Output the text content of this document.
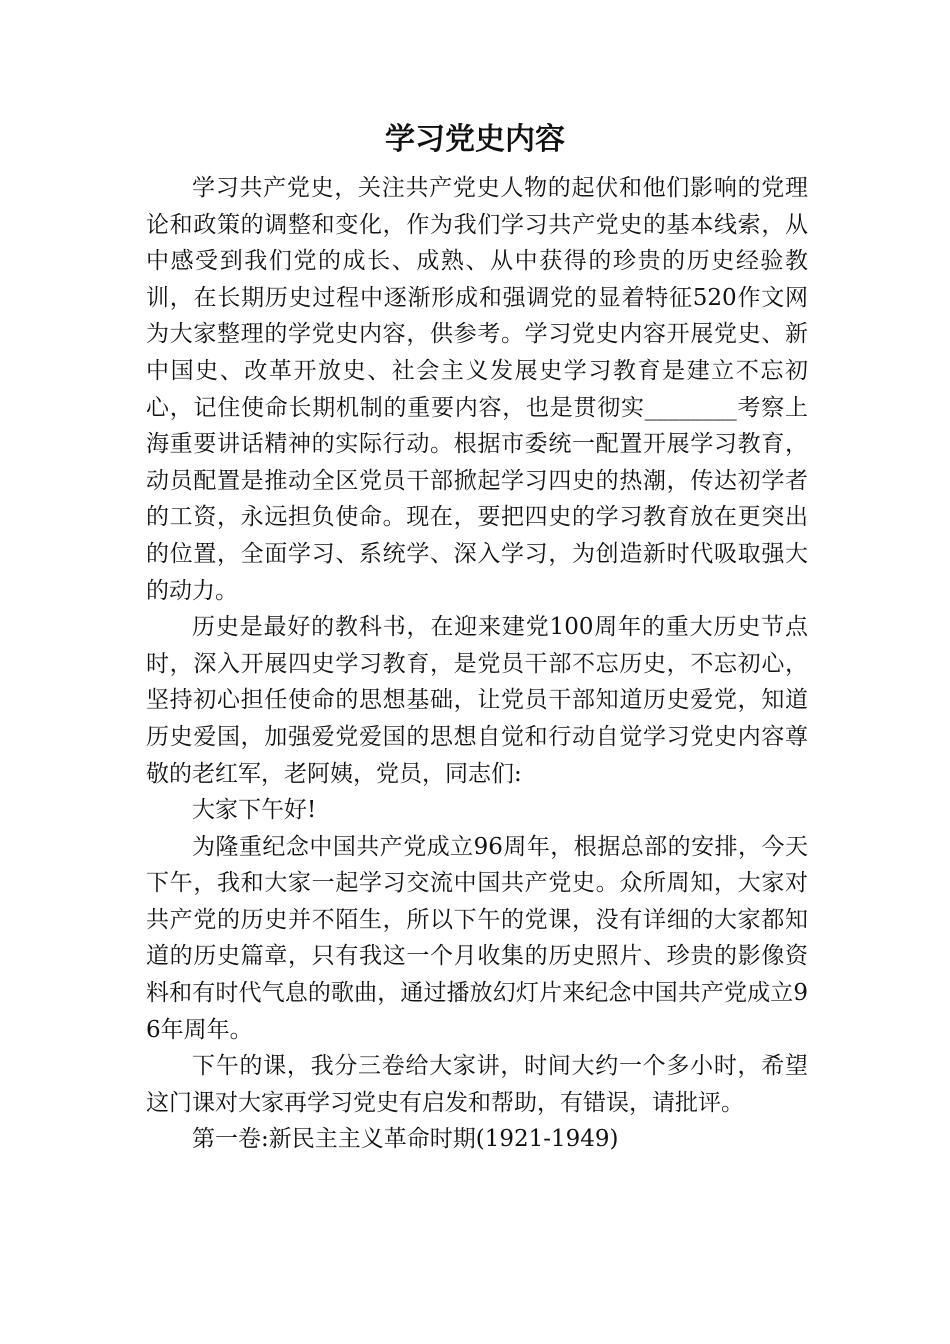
学习党史内容

学习共产党史，关注共产党史人物的起伏和他们影响的党理论和政策的调整和变化，作为我们学习共产党史的基本线索，从中感受到我们党的成长、成熟、从中获得的珍贵的历史经验教训，在长期历史过程中逐渐形成和强调党的显着特征520作文网为大家整理的学党史内容，供参考。学习党史内容开展党史、新中国史、改革开放史、社会主义发展史学习教育是建立不忘初心，记住使命长期机制的重要内容，也是贯彻实________考察上海重要讲话精神的实际行动。根据市委统一配置开展学习教育，动员配置是推动全区党员干部掀起学习四史的热潮，传达初学者的工资，永远担负使命。现在，要把四史的学习教育放在更突出的位置，全面学习、系统学、深入学习，为创造新时代吸取强大的动力。

历史是最好的教科书，在迎来建党100周年的重大历史节点时，深入开展四史学习教育，是党员干部不忘历史，不忘初心，坚持初心担任使命的思想基础，让党员干部知道历史爱党，知道历史爱国，加强爱党爱国的思想自觉和行动自觉学习党史内容尊敬的老红军，老阿姨，党员，同志们:

大家下午好!

为隆重纪念中国共产党成立96周年，根据总部的安排，今天下午，我和大家一起学习交流中国共产党史。众所周知，大家对共产党的历史并不陌生，所以下午的党课，没有详细的大家都知道的历史篇章，只有我这一个月收集的历史照片、珍贵的影像资料和有时代气息的歌曲，通过播放幻灯片来纪念中国共产党成立96年周年。

下午的课，我分三卷给大家讲，时间大约一个多小时，希望这门课对大家再学习党史有启发和帮助，有错误，请批评。

第一卷:新民主主义革命时期(1921-1949)
